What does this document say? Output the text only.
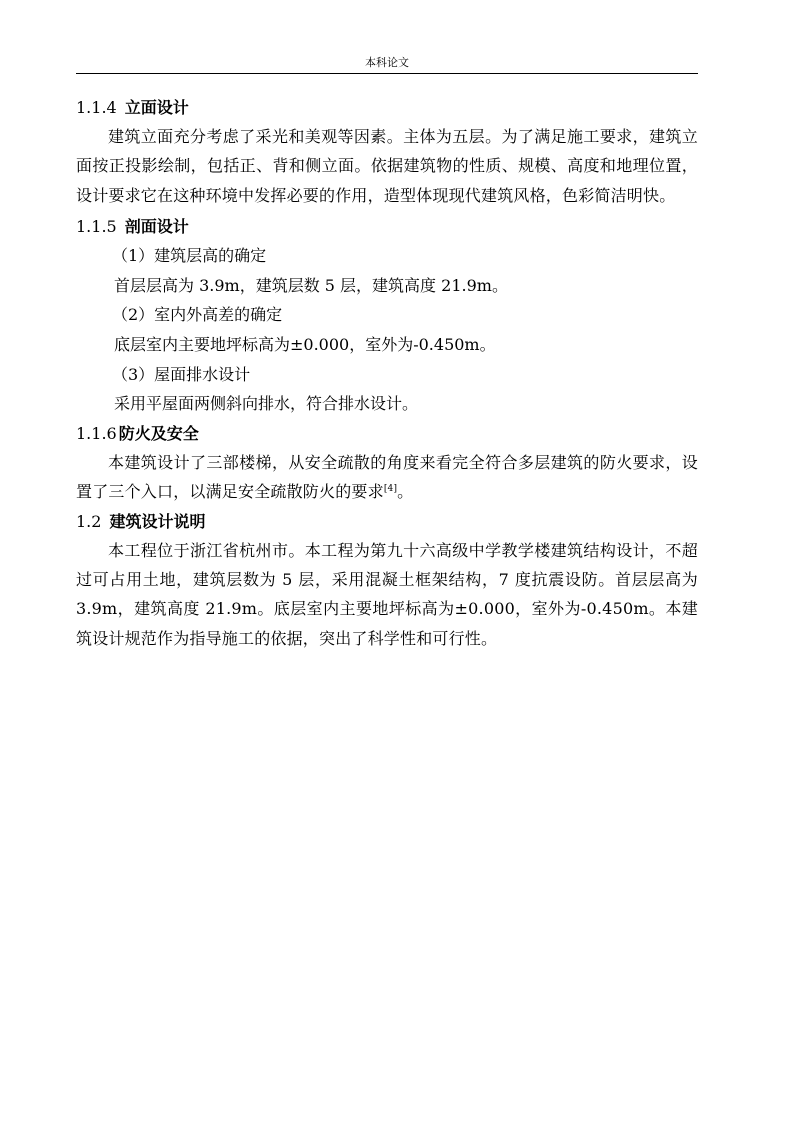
本科论文
1.1.4 立面设计

建筑立面充分考虑了采光和美观等因素。主体为五层。为了满足施工要求，建筑立面按正投影绘制，包括正、背和侧立面。依据建筑物的性质、规模、高度和地理位置，设计要求它在这种环境中发挥必要的作用，造型体现现代建筑风格，色彩简洁明快。

1.1.5 剖面设计

（1）建筑层高的确定

首层层高为 3.9m，建筑层数 5 层，建筑高度 21.9m。

（2）室内外高差的确定

底层室内主要地坪标高为±0.000，室外为-0.450m。

（3）屋面排水设计

采用平屋面两侧斜向排水，符合排水设计。

1.1.6 防火及安全

本建筑设计了三部楼梯，从安全疏散的角度来看完全符合多层建筑的防火要求，设置了三个入口，以满足安全疏散防火的要求[4]。

1.2 建筑设计说明

本工程位于浙江省杭州市。本工程为第九十六高级中学教学楼建筑结构设计，不超过可占用土地，建筑层数为 5 层，采用混凝土框架结构，7 度抗震设防。首层层高为 3.9m，建筑高度 21.9m。底层室内主要地坪标高为±0.000，室外为-0.450m。本建筑设计规范作为指导施工的依据，突出了科学性和可行性。
